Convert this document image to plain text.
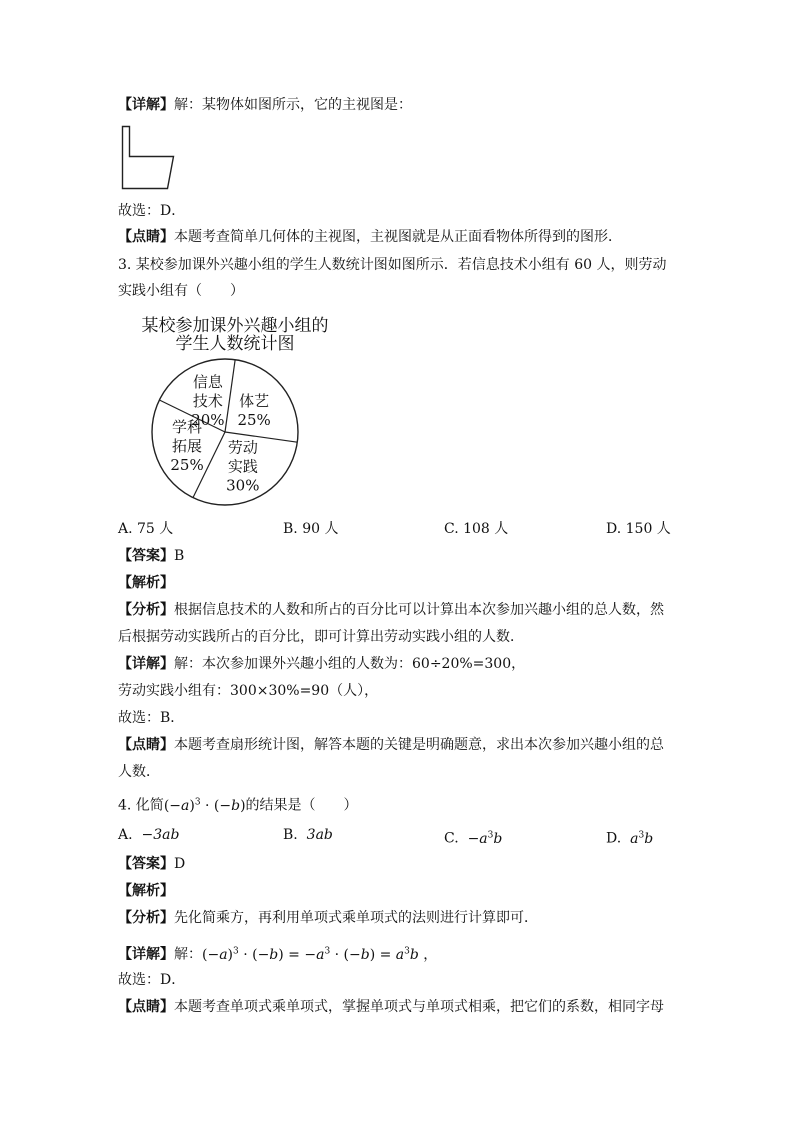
【详解】解：某物体如图所示，它的主视图是：
故选：D．
【点睛】本题考查简单几何体的主视图，主视图就是从正面看物体所得到的图形．
3. 某校参加课外兴趣小组的学生人数统计图如图所示．若信息技术小组有 60 人，则劳动
实践小组有（　　）
某校参加课外兴趣小组的
学生人数统计图
体艺
25%
劳动
实践
30%
学科
拓展
25%
信息
技术
20%
A. 75 人	B. 90 人	C. 108 人	D. 150 人
【答案】B
【解析】
【分析】根据信息技术的人数和所占的百分比可以计算出本次参加兴趣小组的总人数，然
后根据劳动实践所占的百分比，即可计算出劳动实践小组的人数．
【详解】解：本次参加课外兴趣小组的人数为：60÷20%=300，
劳动实践小组有：300×30%=90（人），
故选：B．
【点睛】本题考查扇形统计图，解答本题的关键是明确题意，求出本次参加兴趣小组的总
人数．
4. 化简$(-a)^3 \cdot (-b)$的结果是（　　）
A. −3ab	B. 3ab	C. $-a^3b$	D. $a^3b$
【答案】D
【解析】
【分析】先化简乘方，再利用单项式乘单项式的法则进行计算即可．
【详解】解：$(-a)^3 \cdot (-b) = -a^3 \cdot (-b) = a^3b$ ，
故选：D．
【点睛】本题考查单项式乘单项式，掌握单项式与单项式相乘，把它们的系数，相同字母
